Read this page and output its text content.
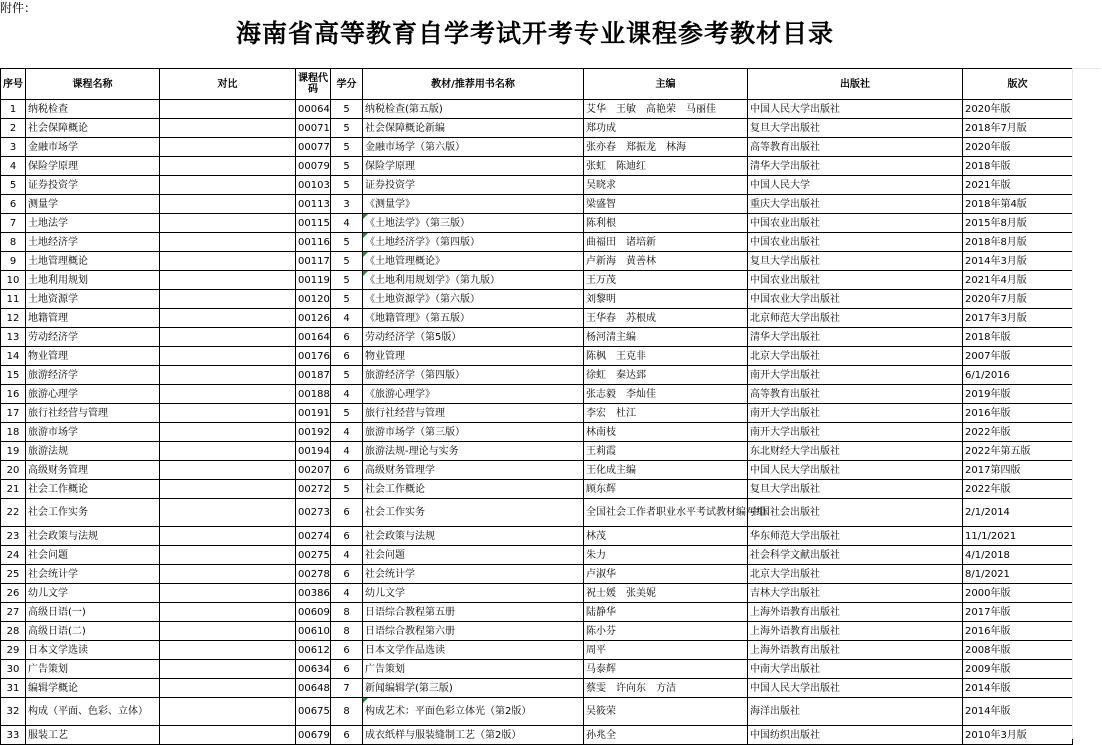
附件：
海南省高等教育自学考试开考专业课程参考教材目录
序号	课程名称	对比	课程代码	学分	教材/推荐用书名称	主编	出版社	版次
1	纳税检查		00064	5	纳税检查(第五版)	艾华　王敏　高艳荣　马丽佳	中国人民大学出版社	2020年版
2	社会保障概论		00071	5	社会保障概论新编	郑功成	复旦大学出版社	2018年7月版
3	金融市场学		00077	5	金融市场学（第六版）	张亦春　郑振龙　林海	高等教育出版社	2020年版
4	保险学原理		00079	5	保险学原理	张虹　陈迪红	清华大学出版社	2018年版
5	证券投资学		00103	5	证券投资学	吴晓求	中国人民大学	2021年版
6	测量学		00113	3	《测量学》	梁盛智	重庆大学出版社	2018年第4版
7	土地法学		00115	4	《土地法学》（第三版）	陈利根	中国农业出版社	2015年8月版
8	土地经济学		00116	5	《土地经济学》（第四版）	曲福田　诸培新	中国农业出版社	2018年8月版
9	土地管理概论		00117	5	《土地管理概论》	卢新海　黄善林	复旦大学出版社	2014年3月版
10	土地利用规划		00119	5	《土地利用规划学》（第九版）	王万茂	中国农业出版社	2021年4月版
11	土地资源学		00120	5	《土地资源学》（第六版）	刘黎明	中国农业大学出版社	2020年7月版
12	地籍管理		00126	4	《地籍管理》（第五版）	王华春　苏根成	北京师范大学出版社	2017年3月版
13	劳动经济学		00164	6	劳动经济学（第5版）	杨河清主编	清华大学出版社	2018年版
14	物业管理		00176	6	物业管理	陈枫　王克非	北京大学出版社	2007年版
15	旅游经济学		00187	5	旅游经济学（第四版）	徐虹　秦达郅	南开大学出版社	6/1/2016
16	旅游心理学		00188	4	《旅游心理学》	张志毅　李灿佳	高等教育出版社	2019年版
17	旅行社经营与管理		00191	5	旅行社经营与管理	李宏　杜江	南开大学出版社	2016年版
18	旅游市场学		00192	4	旅游市场学（第三版）	林南枝	南开大学出版社	2022年版
19	旅游法规		00194	4	旅游法规-理论与实务	王莉霞	东北财经大学出版社	2022年第五版
20	高级财务管理		00207	6	高级财务管理学	王化成主编	中国人民大学出版社	2017第四版
21	社会工作概论		00272	5	社会工作概论	顾东辉	复旦大学出版社	2022年版
22	社会工作实务		00273	6	社会工作实务	全国社会工作者职业水平考试教材编写组	中国社会出版社	2/1/2014
23	社会政策与法规		00274	6	社会政策与法规	林茂	华东师范大学出版社	11/1/2021
24	社会问题		00275	4	社会问题	朱力	社会科学文献出版社	4/1/2018
25	社会统计学		00278	6	社会统计学	卢淑华	北京大学出版社	8/1/2021
26	幼儿文学		00386	4	幼儿文学	祝士媛　张美妮	吉林大学出版社	2000年版
27	高级日语(一)		00609	8	日语综合教程第五册	陆静华	上海外语教育出版社	2017年版
28	高级日语(二)		00610	8	日语综合教程第六册	陈小芬	上海外语教育出版社	2016年版
29	日本文学选读		00612	6	日本文学作品选读	周平	上海外语教育出版社	2008年版
30	广告策划		00634	6	广告策划	马泰辉	中南大学出版社	2009年版
31	编辑学概论		00648	7	新闻编辑学(第三版)	蔡雯　许向东　方洁	中国人民大学出版社	2014年版
32	构成（平面、色彩、立体）		00675	8	构成艺术：平面色彩立体光（第2版）	吴筱荣	海洋出版社	2014年版
33	服装工艺		00679	6	成衣纸样与服装缝制工艺（第2版）	孙兆全	中国纺织出版社	2010年3月版
